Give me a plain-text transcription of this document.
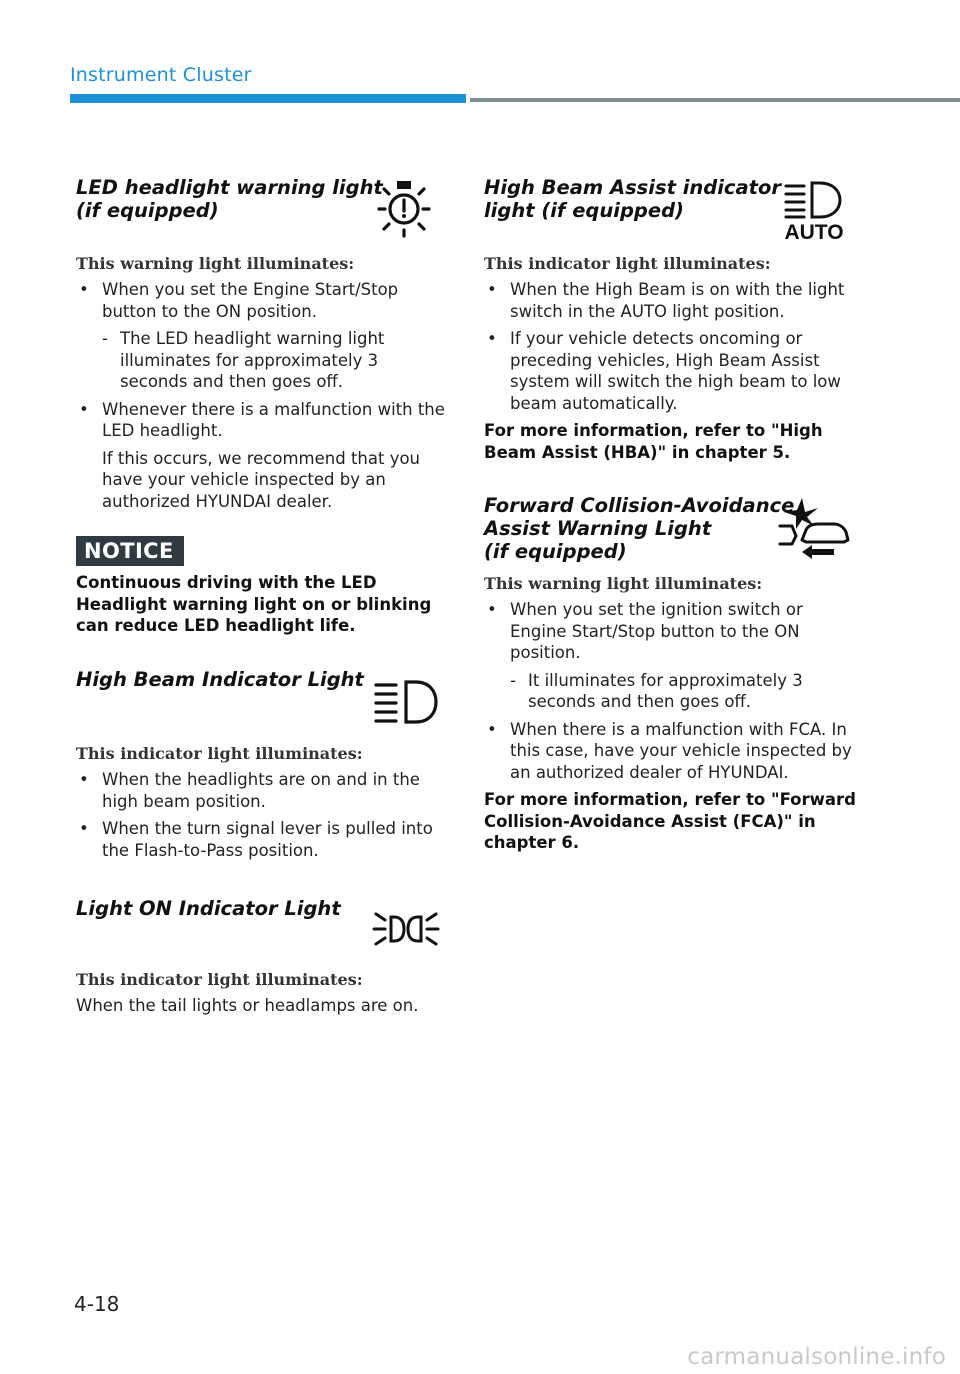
Instrument Cluster
LED headlight warning light
(if equipped)

This warning light illuminates:

• When you set the Engine Start/Stop button to the ON position.

- The LED headlight warning light illuminates for approximately 3 seconds and then goes off.

• Whenever there is a malfunction with the LED headlight.

If this occurs, we recommend that you have your vehicle inspected by an authorized HYUNDAI dealer.

NOTICE
Continuous driving with the LED Headlight warning light on or blinking can reduce LED headlight life.
High Beam Indicator Light

This indicator light illuminates:

• When the headlights are on and in the high beam position.

• When the turn signal lever is pulled into the Flash-to-Pass position.

Light ON Indicator Light

This indicator light illuminates:

When the tail lights or headlamps are on.

High Beam Assist indicator
light (if equipped)
AUTO

This indicator light illuminates:

• When the High Beam is on with the light switch in the AUTO light position.

• If your vehicle detects oncoming or preceding vehicles, High Beam Assist system will switch the high beam to low beam automatically.

For more information, refer to "High Beam Assist (HBA)" in chapter 5.

Forward Collision-Avoidance
Assist Warning Light
(if equipped)

This warning light illuminates:

• When you set the ignition switch or Engine Start/Stop button to the ON position.

- It illuminates for approximately 3 seconds and then goes off.

• When there is a malfunction with FCA. In this case, have your vehicle inspected by an authorized dealer of HYUNDAI.

For more information, refer to "Forward Collision-Avoidance Assist (FCA)" in chapter 6.

4-18
carmanualsonline.info
